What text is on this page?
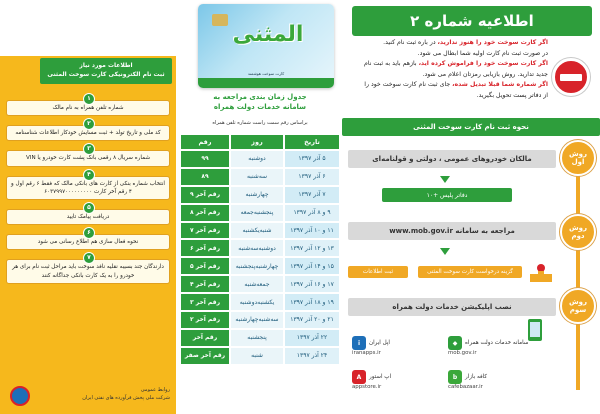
اطلاعیه شماره ۲

اگر کارت سوخت خود را هنوز ندارید، در باره ثبت نام کنید.

در صورت ثبت نام کارت اولیه شما ابطال می شود.

اگر کارت سوخت خود را فراموش کرده اید، بازهم باید به ثبت نام

جدید تدارید. روش بازیابی رمزتان اعلام می شود.

اگر شماره شما قبلا تبدیل شده، جای ثبت نام کارت سوخت خود را

از دفاتر پست تحویل بگیرید.

نحوه ثبت نام کارت سوخت المثنی
روش اول
مالکان خودروهای عمومی ، دولتی و قولنامه‌ای
دفاتر پلیس +۱۰
روش دوم
مراجعه به سامانه www.mob.gov.ir
گزینه درخواست کارت سوخت المثنی
ثبت اطلاعات
روش سوم
نصب اپلیکیشن خدمات دولت همراه
سامانه خدمات دولت همراه
◆
mob.gov.ir
اپل ایران
i
iranapps.ir
کافه بازار
b
cafebazaar.ir
اپ استور
A
appstore.ir
المثنی
کارت سوخت هوشمند
جدول زمان بندی مراجعه به
سامانه خدمات دولت همراه
براساس رقم سمت راست شماره تلفن همراه
تاریخ
روز
رقم
۵ آذر ۱۳۹۷
دوشنبه
۹۹
۶ آذر ۱۳۹۷
سه‌شنبه
۸۹
۷ آذر ۱۳۹۷
چهارشنبه
رقم آخر ۹
۹ و ۸ آذر ۱۳۹۷
پنجشنبه‌جمعه
رقم آخر ۸
۱۱ و ۱۰ آذر ۱۳۹۷
شنبه‌یکشنبه
رقم آخر ۷
۱۳ و ۱۲ آذر ۱۳۹۷
دوشنبه‌سه‌شنبه
رقم آخر ۶
۱۵ و ۱۴ آذر ۱۳۹۷
چهارشنبه‌پنجشنبه
رقم آخر ۵
۱۷ و ۱۶ آذر ۱۳۹۷
جمعه‌شنبه
رقم آخر ۴
۱۹ و ۱۸ آذر ۱۳۹۷
یکشنبه‌دوشنبه
رقم آخر ۳
۲۱ و ۲۰ آذر ۱۳۹۷
سه‌شنبه‌چهارشنبه
رقم آخر ۲
۲۲ آذر ۱۳۹۷
پنجشنبه
رقم آخر
۲۴ آذر ۱۳۹۷
شنبه
رقم آخر صفر
اطلاعات مورد نیاز
ثبت نام الکترونیکی کارت سوخت المثنی
۱
شماره تلفن همراه به نام مالک
۲
کد ملی و تاریخ تولد + ثبت مسایش خودکار اطلاعات شناسنامه
۳
شماره سریال ۸ رقمی بانک پشت کارت خودرو یا VIN
۴
انتخاب شماره بنکی از کارت های بانکی مالک که فقط ۶ رقم اول و ۴ رقم آخر کارت ۶۰۳۷۹۹۷۰۰۰۰۰۰۰۰۰
۵
دریافت پیامک تایید
۶
نحوه فعال سازی هم اطلاع رسانی می شود
۷
دارندگان جند بسیبه نقلیه نافد سوخت باید مراحل ثبت نام برای هر خودرو را به یک کارت بانکی جداگانه کنند
روابط عمومی
شرکت ملی پخش فرآورده های نفتی ایران
